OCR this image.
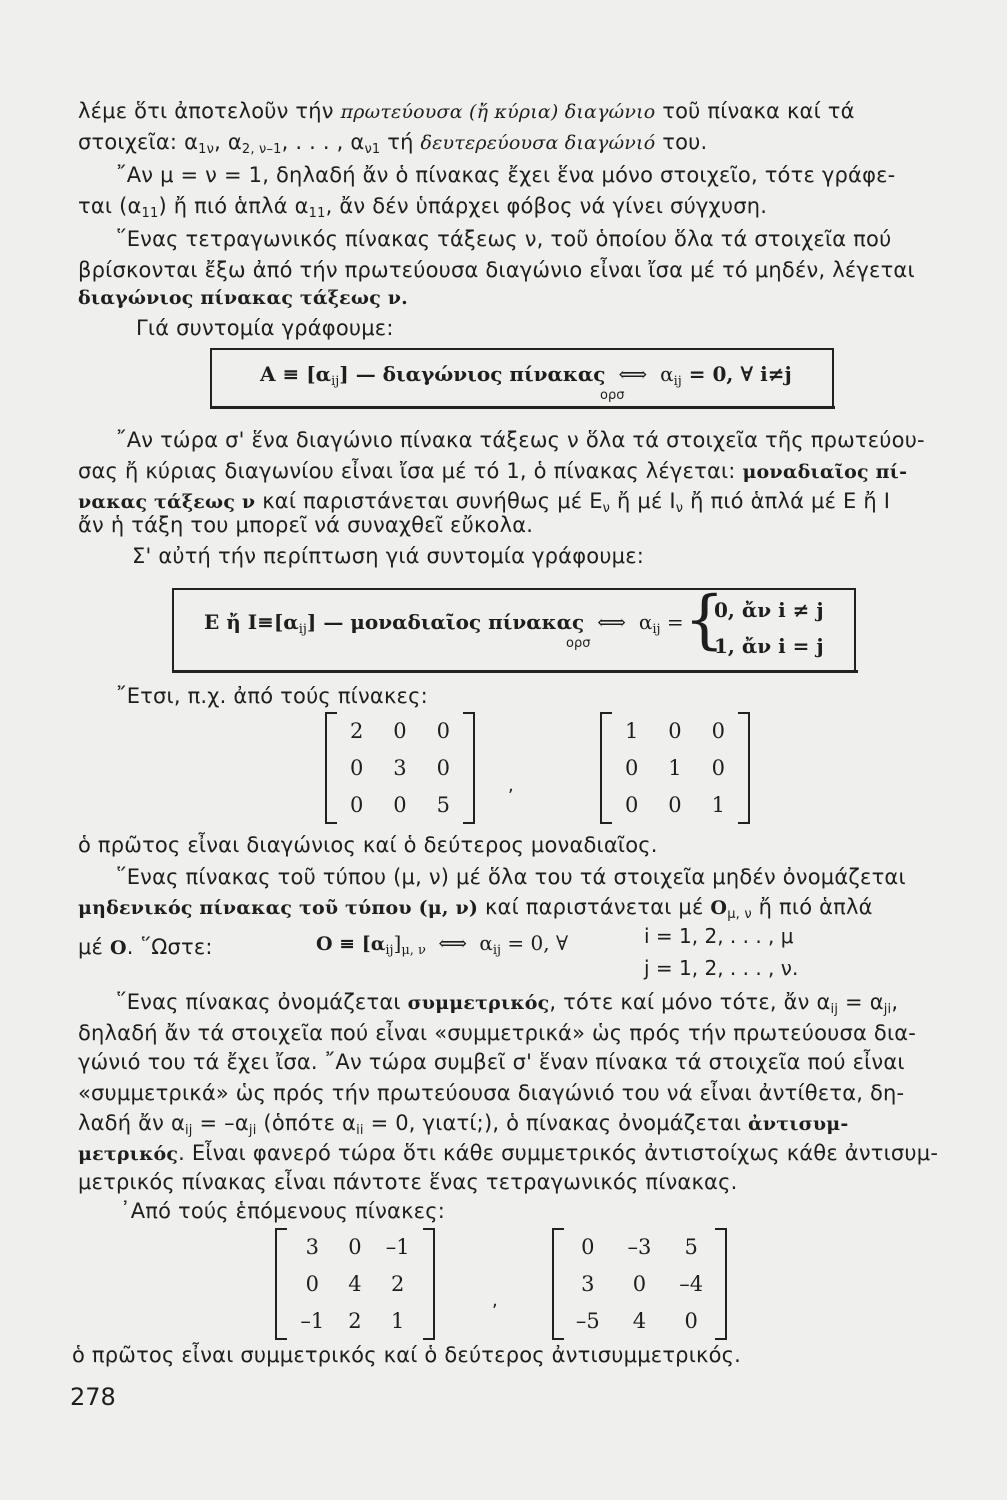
λέμε ὅτι ἀποτελοῦν τήν πρωτεύουσα (ἤ κύρια) διαγώνιο τοῦ πίνακα καί τά
στοιχεῖα: $\alpha_{1\nu}$, $\alpha_{2, \nu-1}$, . . . , $\alpha_{\nu 1}$ τή δευτερεύουσα διαγώνιό του.
῎Αν μ = ν = 1, δηλαδή ἄν ὁ πίνακας ἔχει ἕνα μόνο στοιχεῖο, τότε γράφε-
ται $(\alpha_{11})$ ἤ πιό ἁπλά $\alpha_{11}$, ἄν δέν ὑπάρχει φόβος νά γίνει σύγχυση.
῞Ενας τετραγωνικός πίνακας τάξεως ν, τοῦ ὁποίου ὅλα τά στοιχεῖα πού
βρίσκονται ἔξω ἀπό τήν πρωτεύουσα διαγώνιο εἶναι ἴσα μέ τό μηδέν, λέγεται
διαγώνιος πίνακας τάξεως ν.
Γιά συντομία γράφουμε:
$A \equiv [\alpha_{ij}]$ — διαγώνιος πίνακας ⟺ $\alpha_{ij} = 0$, ∀ i≠j
ορσ
῎Αν τώρα σ' ἕνα διαγώνιο πίνακα τάξεως ν ὅλα τά στοιχεῖα τῆς πρωτεύου-
σας ἤ κύριας διαγωνίου εἶναι ἴσα μέ τό 1, ὁ πίνακας λέγεται: μοναδιαῖος πί-
νακας τάξεως ν καί παριστάνεται συνήθως μέ $E_\nu$ ἤ μέ $I_\nu$ ἤ πιό ἁπλά μέ Ε ἤ Ι
ἄν ἡ τάξη του μπορεῖ νά συναχθεῖ εὔκολα.
Σ' αὐτή τήν περίπτωση γιά συντομία γράφουμε:
Ε ἤ $I\equiv[\alpha_{ij}]$ — μοναδιαῖος πίνακας ⟺ $\alpha_{ij}$ =
ορσ {
0, ἄν i ≠ j
1, ἄν i = j
῎Ετσι, π.χ. ἀπό τούς πίνακες:
2	0	0
0	3	0
0	0	5
,
1	0	0
0	1	0
0	0	1
ὁ πρῶτος εἶναι διαγώνιος καί ὁ δεύτερος μοναδιαῖος.
῞Ενας πίνακας τοῦ τύπου (μ, ν) μέ ὅλα του τά στοιχεῖα μηδέν ὀνομάζεται
μηδενικός πίνακας τοῦ τύπου (μ, ν) καί παριστάνεται μέ $O_{\mu, \nu}$ ἤ πιό ἁπλά
μέ Ο. ῞Ωστε:	$O \equiv [\alpha_{ij}]_{\mu, \nu}$ ⟺ $\alpha_{ij} = 0$, ∀	i = 1, 2, . . . , μ
j = 1, 2, . . . , ν.
῞Ενας πίνακας ὀνομάζεται συμμετρικός, τότε καί μόνο τότε, ἄν $\alpha_{ij} = \alpha_{ji}$,
δηλαδή ἄν τά στοιχεῖα πού εἶναι «συμμετρικά» ὡς πρός τήν πρωτεύουσα δια-
γώνιό του τά ἔχει ἴσα. ῎Αν τώρα συμβεῖ σ' ἕναν πίνακα τά στοιχεῖα πού εἶναι
«συμμετρικά» ὡς πρός τήν πρωτεύουσα διαγώνιό του νά εἶναι ἀντίθετα, δη-
λαδή ἄν $\alpha_{ij} = -\alpha_{ji}$ (ὁπότε $\alpha_{ii} = 0$, γιατί;), ὁ πίνακας ὀνομάζεται ἀντισυμ-
μετρικός. Εἶναι φανερό τώρα ὅτι κάθε συμμετρικός ἀντιστοίχως κάθε ἀντισυμ-
μετρικός πίνακας εἶναι πάντοτε ἕνας τετραγωνικός πίνακας.
᾿Από τούς ἑπόμενους πίνακες:
3	0	–1
0	4	2
–1	2	1
,
0	–3	5
3	0	–4
–5	4	0
ὁ πρῶτος εἶναι συμμετρικός καί ὁ δεύτερος ἀντισυμμετρικός.
278
